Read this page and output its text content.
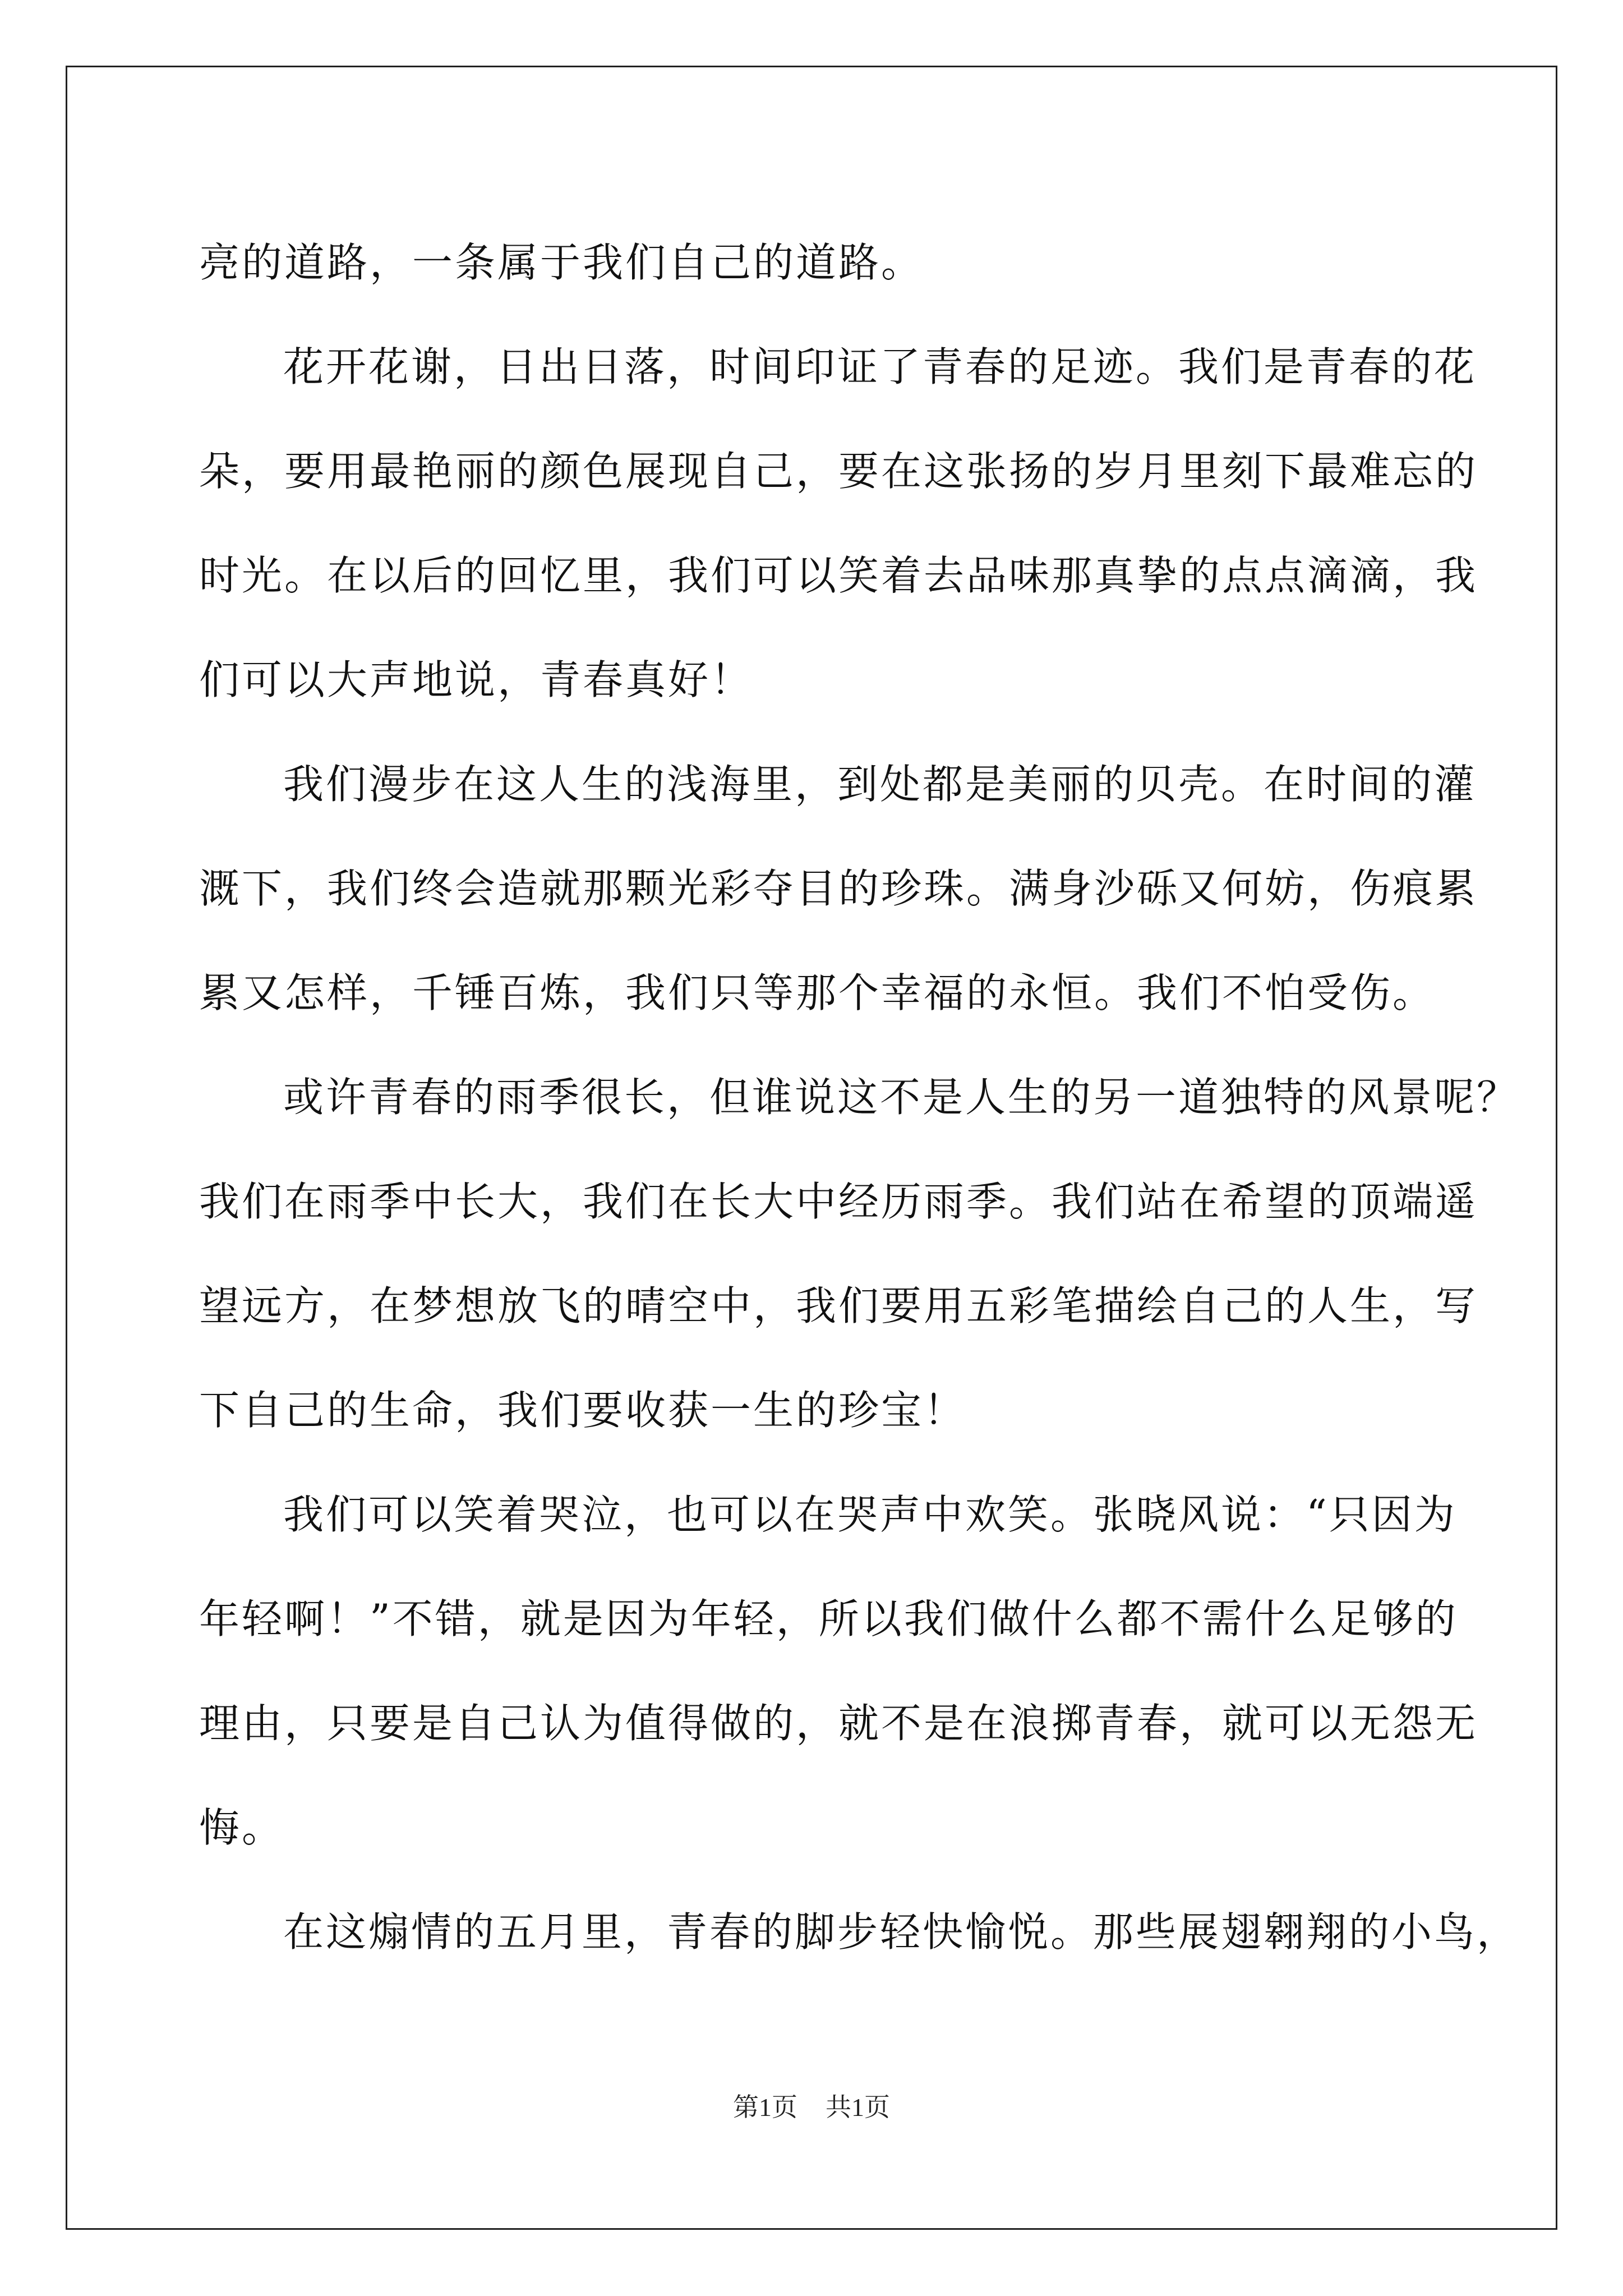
亮的道路，一条属于我们自己的道路。
花开花谢，日出日落，时间印证了青春的足迹。我们是青春的花
朵，要用最艳丽的颜色展现自己，要在这张扬的岁月里刻下最难忘的
时光。在以后的回忆里，我们可以笑着去品味那真挚的点点滴滴，我
们可以大声地说，青春真好！
我们漫步在这人生的浅海里，到处都是美丽的贝壳。在时间的灌
溉下，我们终会造就那颗光彩夺目的珍珠。满身沙砾又何妨，伤痕累
累又怎样，千锤百炼，我们只等那个幸福的永恒。我们不怕受伤。
或许青春的雨季很长，但谁说这不是人生的另一道独特的风景呢？
我们在雨季中长大，我们在长大中经历雨季。我们站在希望的顶端遥
望远方，在梦想放飞的晴空中，我们要用五彩笔描绘自己的人生，写
下自己的生命，我们要收获一生的珍宝！
我们可以笑着哭泣，也可以在哭声中欢笑。张晓风说：“只因为
年轻啊！”不错，就是因为年轻，所以我们做什么都不需什么足够的
理由，只要是自己认为值得做的，就不是在浪掷青春，就可以无怨无
悔。
在这煽情的五月里，青春的脚步轻快愉悦。那些展翅翱翔的小鸟，
第1页 共1页
